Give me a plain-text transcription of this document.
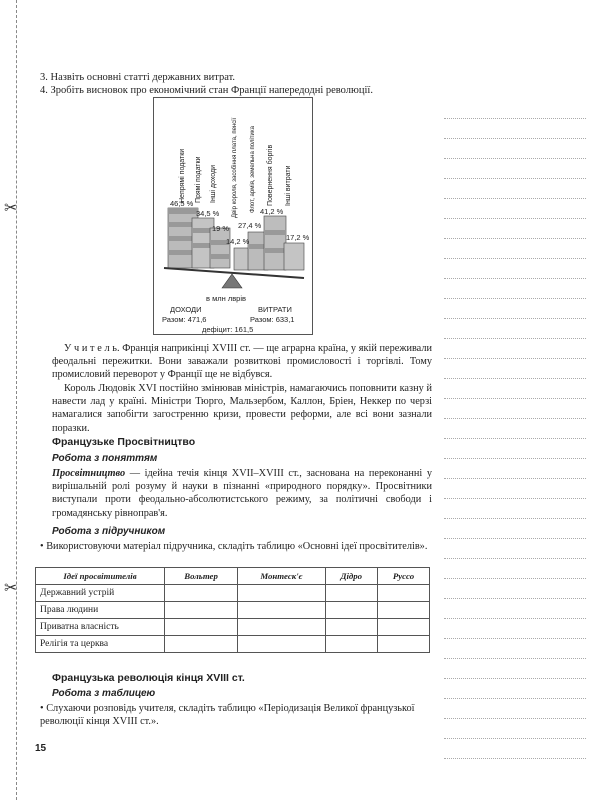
✂
✂
3. Назвіть основні статті державних витрат.
4. Зробіть висновок про економічний стан Франції напередодні революції.
Непрямі податки Прямі податки Інші доходи	Двір короля, засобіння плата, пенсії Флот, армія, земельна політика Повернення боргів Інші витрати
46,5 %
34,5 %
19 %
14,2 %
27,4 %
41,2 %
17,2 %
в млн лврів
ДОХОДИ
Разом: 471,6
ВИТРАТИ
Разом: 633,1
дефіцит: 161,5
У ч и т е л ь. Франція наприкінці XVIII ст. — ще аграрна країна, у якій переживали феодальні пережитки. Вони заважали розвиткові промисловості і торгівлі. Тому промисловий переворот у Франції ще не відбувся.
Король Людовік XVI постійно змінював міністрів, намагаючись поповнити казну й навести лад у країні. Міністри Тюрго, Мальзербом, Каллон, Бріен, Неккер по черзі намагалися запобігти загостренню кризи, провести реформи, але всі вони зазнали поразки.
Французьке Просвітництво
Робота з поняттям
Просвітництво — ідейна течія кінця XVII–XVIII ст., заснована на переконанні у вирішальній ролі розуму й науки в пізнанні «природного порядку». Просвітники виступали проти феодально-абсолютистського режиму, за політичні свободи і громадянську рівноправ'я.
Робота з підручником
• Використовуючи матеріал підручника, складіть таблицю «Основні ідеї просвітителів».
Ідеї просвітителів	Вольтер	Монтеск'є	Дідро	Руссо
Державний устрій				
Права людини				
Приватна власність				
Релігія та церква				
Французька революція кінця XVIII ст.
Робота з таблицею
• Слухаючи розповідь учителя, складіть таблицю «Періодизація Великої французької революції кінця XVIII ст.».
15
